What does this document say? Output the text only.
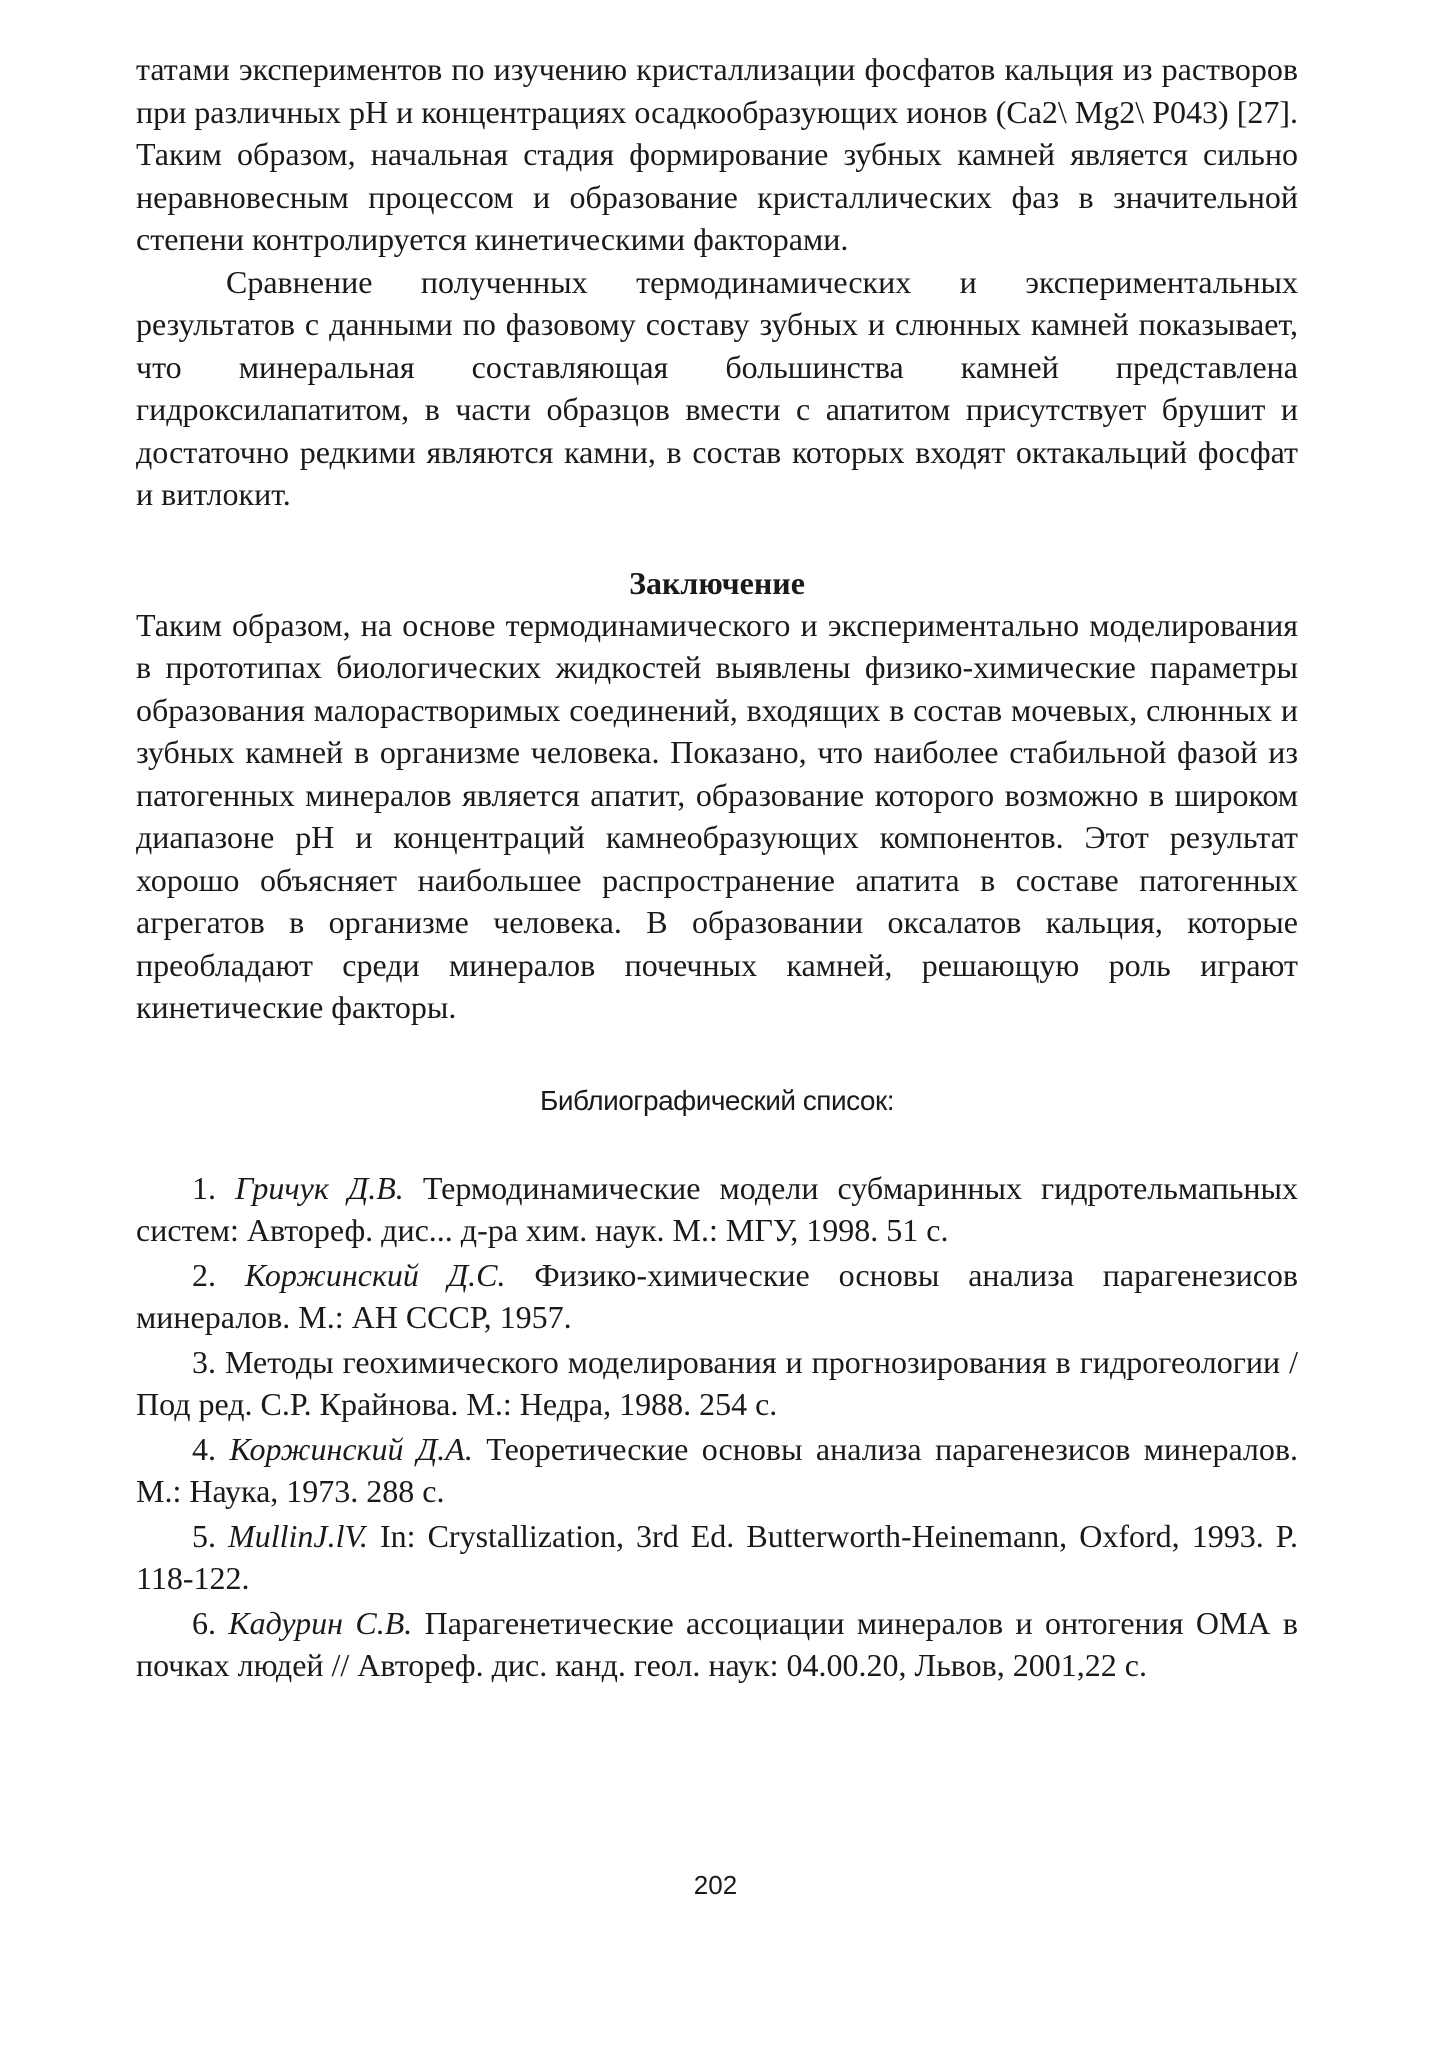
татами экспериментов по изучению кристаллизации фосфатов кальция из растворов при различных рН и концентрациях осадкообразующих ионов (Са2\ Mg2\ Р043) [27]. Таким образом, начальная стадия формирование зубных камней является сильно неравновесным процессом и образование кристаллических фаз в значительной степени контролируется кинетическими факторами.

Сравнение полученных термодинамических и экспериментальных результатов с данными по фазовому составу зубных и слюнных камней показывает, что минеральная составляющая большинства камней представлена гидроксилапатитом, в части образцов вмести с апатитом присутствует брушит и достаточно редкими являются камни, в состав которых входят октакальций фосфат и витлокит.

Заключение

Таким образом, на основе термодинамического и экспериментально моделирования в прототипах биологических жидкостей выявлены физико-химические параметры образования малорастворимых соединений, входящих в состав мочевых, слюнных и зубных камней в организме человека. Показано, что наиболее стабильной фазой из патогенных минералов является апатит, образование которого возможно в широком диапазоне рН и концентраций камнеобразующих компонентов. Этот результат хорошо объясняет наибольшее распространение апатита в составе патогенных агрегатов в организме человека. В образовании оксалатов кальция, которые преобладают среди минералов почечных камней, решающую роль играют кинетические факторы.

Библиографический список:
1. Гричук Д.В. Термодинамические модели субмаринных гидротельмапьных систем: Автореф. дис... д-ра хим. наук. М.: МГУ, 1998. 51 с.
2. Коржинский Д.С. Физико-химические основы анализа парагенезисов минералов. М.: АН СССР, 1957.
3. Методы геохимического моделирования и прогнозирования в гидрогеологии / Под ред. С.Р. Крайнова. М.: Недра, 1988. 254 с.
4. Коржинский Д.А. Теоретические основы анализа парагенезисов минералов. М.: Наука, 1973. 288 с.
5. MullinJ.lV. In: Crystallization, 3rd Ed. Butterworth-Heinemann, Oxford, 1993. P. 118-122.
6. Кадурин С.В. Парагенетические ассоциации минералов и онтогения ОМА в почках людей // Автореф. дис. канд. геол. наук: 04.00.20, Львов, 2001,22 с.
202
